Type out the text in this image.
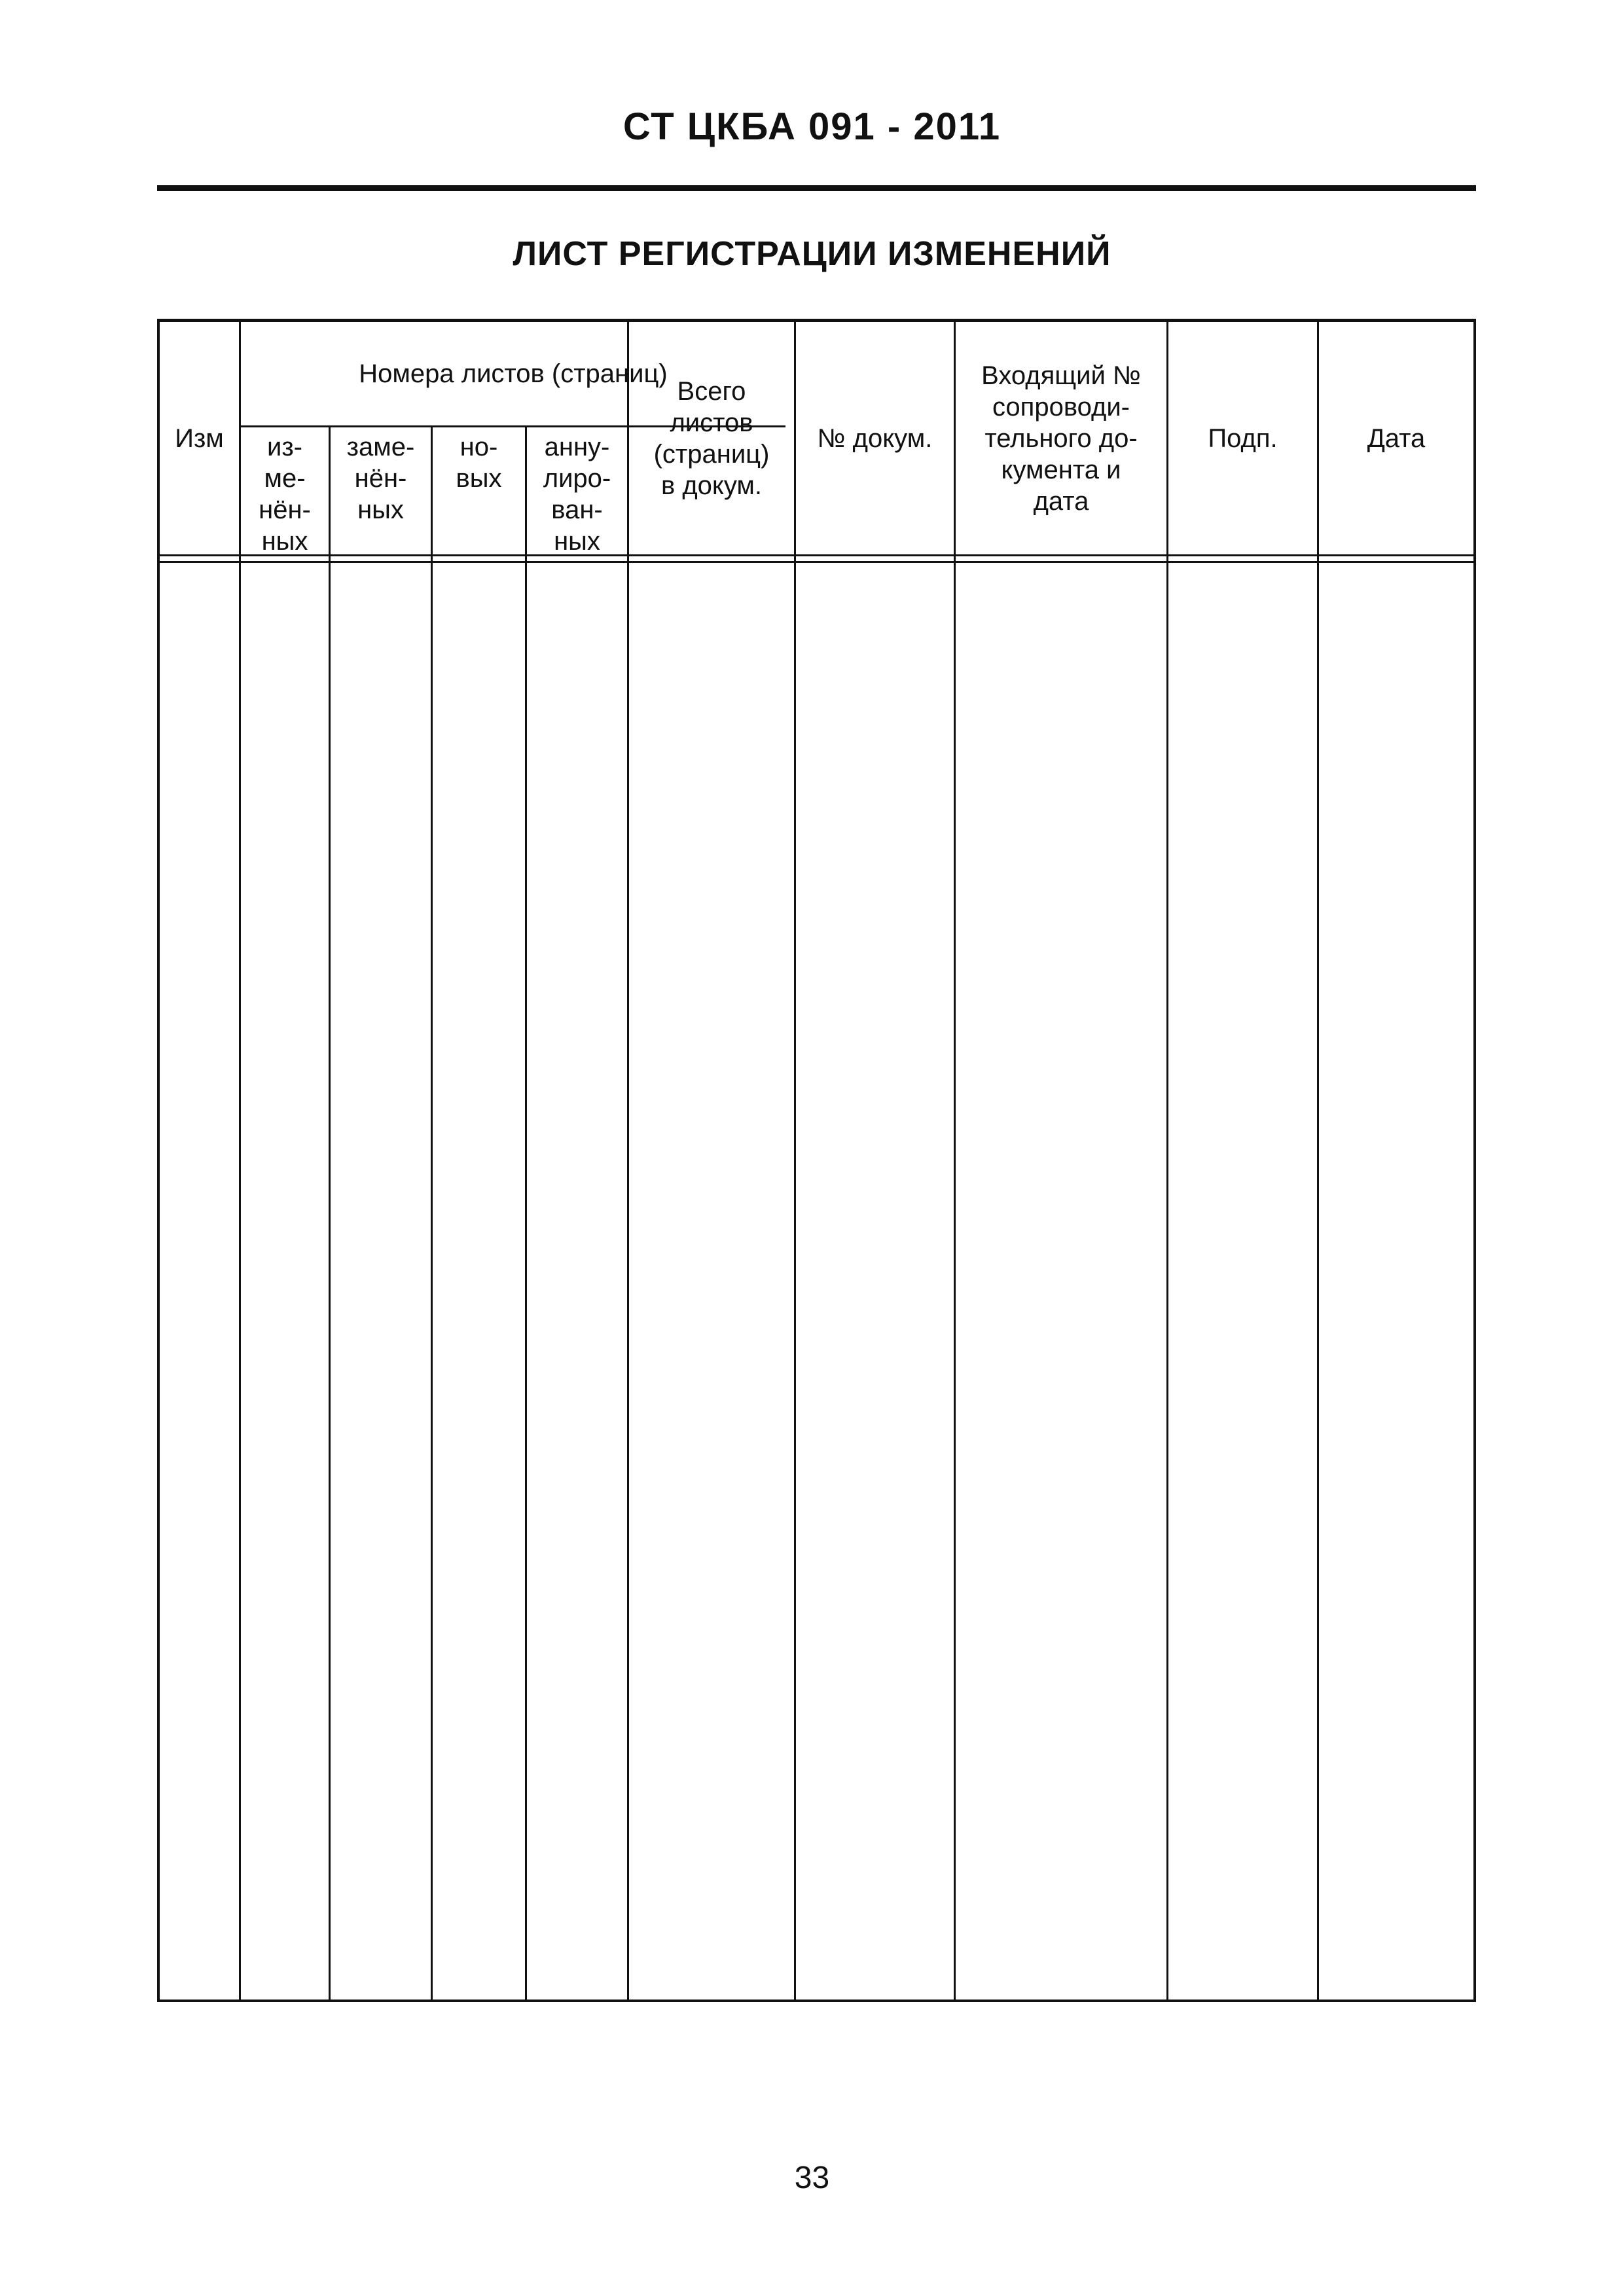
СТ ЦКБА 091 - 2011
ЛИСТ РЕГИСТРАЦИИ ИЗМЕНЕНИЙ
Изм
Номера листов (страниц)
из-
ме-
нён-
ных
заме-
нён-
ных
но-
вых
анну-
лиро-
ван-
ных
Всего
листов
(страниц)
в докум.
№ докум.
Входящий №
сопроводи-
тельного до-
кумента и
дата
Подп.	Дата
33
